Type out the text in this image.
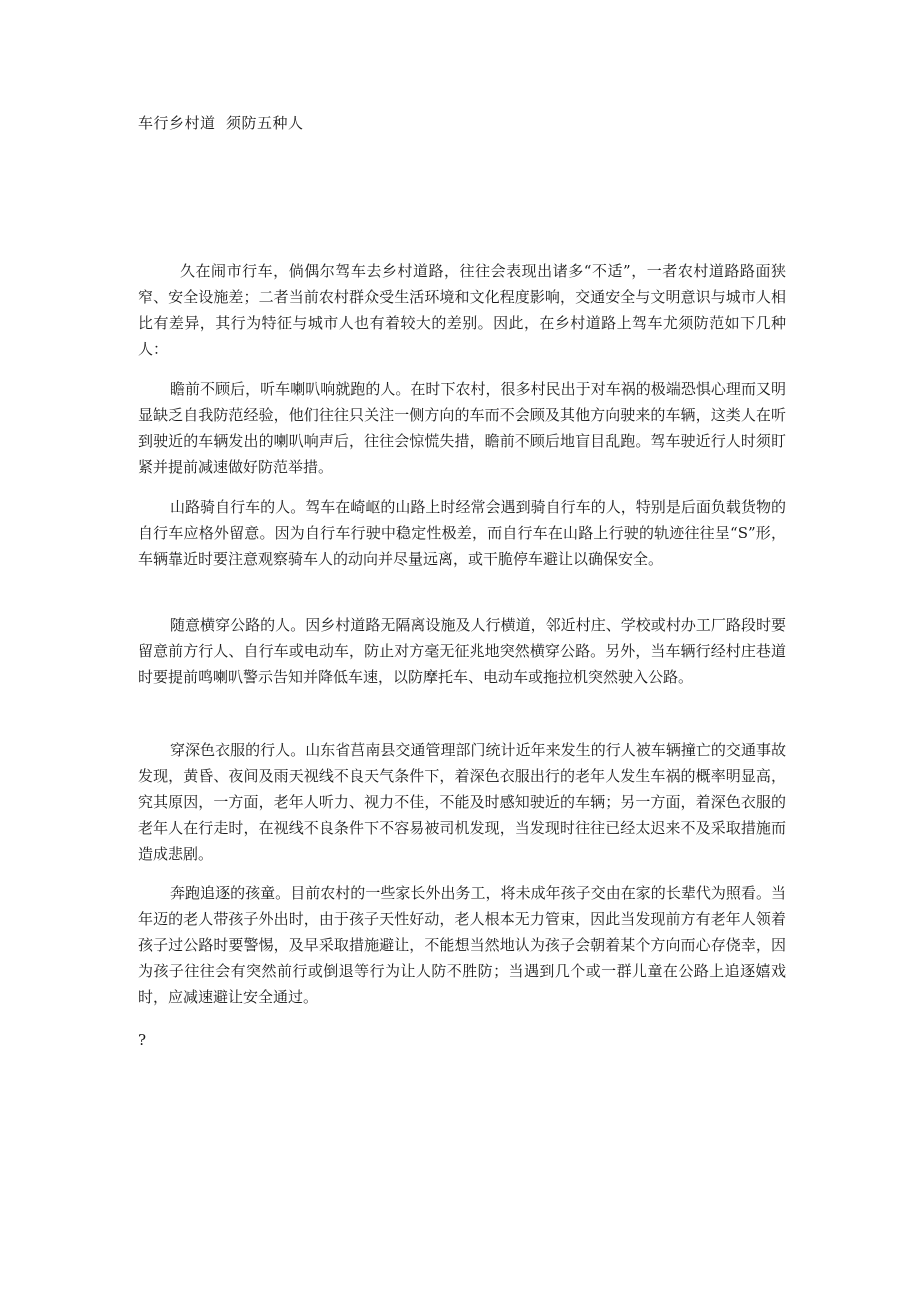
车行乡村道  须防五种人

久在闹市行车，倘偶尔驾车去乡村道路，往往会表现出诸多“不适”，一者农村道路路面狭窄、安全设施差；二者当前农村群众受生活环境和文化程度影响，交通安全与文明意识与城市人相比有差异，其行为特征与城市人也有着较大的差别。因此，在乡村道路上驾车尤须防范如下几种人：

瞻前不顾后，听车喇叭响就跑的人。在时下农村，很多村民出于对车祸的极端恐惧心理而又明显缺乏自我防范经验，他们往往只关注一侧方向的车而不会顾及其他方向驶来的车辆，这类人在听到驶近的车辆发出的喇叭响声后，往往会惊慌失措，瞻前不顾后地盲目乱跑。驾车驶近行人时须盯紧并提前减速做好防范举措。

山路骑自行车的人。驾车在崎岖的山路上时经常会遇到骑自行车的人，特别是后面负载货物的自行车应格外留意。因为自行车行驶中稳定性极差，而自行车在山路上行驶的轨迹往往呈“S”形，车辆靠近时要注意观察骑车人的动向并尽量远离，或干脆停车避让以确保安全。

随意横穿公路的人。因乡村道路无隔离设施及人行横道，邻近村庄、学校或村办工厂路段时要留意前方行人、自行车或电动车，防止对方毫无征兆地突然横穿公路。另外，当车辆行经村庄巷道时要提前鸣喇叭警示告知并降低车速，以防摩托车、电动车或拖拉机突然驶入公路。

穿深色衣服的行人。山东省莒南县交通管理部门统计近年来发生的行人被车辆撞亡的交通事故发现，黄昏、夜间及雨天视线不良天气条件下，着深色衣服出行的老年人发生车祸的概率明显高，究其原因，一方面，老年人听力、视力不佳，不能及时感知驶近的车辆；另一方面，着深色衣服的老年人在行走时，在视线不良条件下不容易被司机发现，当发现时往往已经太迟来不及采取措施而造成悲剧。

奔跑追逐的孩童。目前农村的一些家长外出务工，将未成年孩子交由在家的长辈代为照看。当年迈的老人带孩子外出时，由于孩子天性好动，老人根本无力管束，因此当发现前方有老年人领着孩子过公路时要警惕，及早采取措施避让，不能想当然地认为孩子会朝着某个方向而心存侥幸，因为孩子往往会有突然前行或倒退等行为让人防不胜防；当遇到几个或一群儿童在公路上追逐嬉戏时，应减速避让安全通过。

?
